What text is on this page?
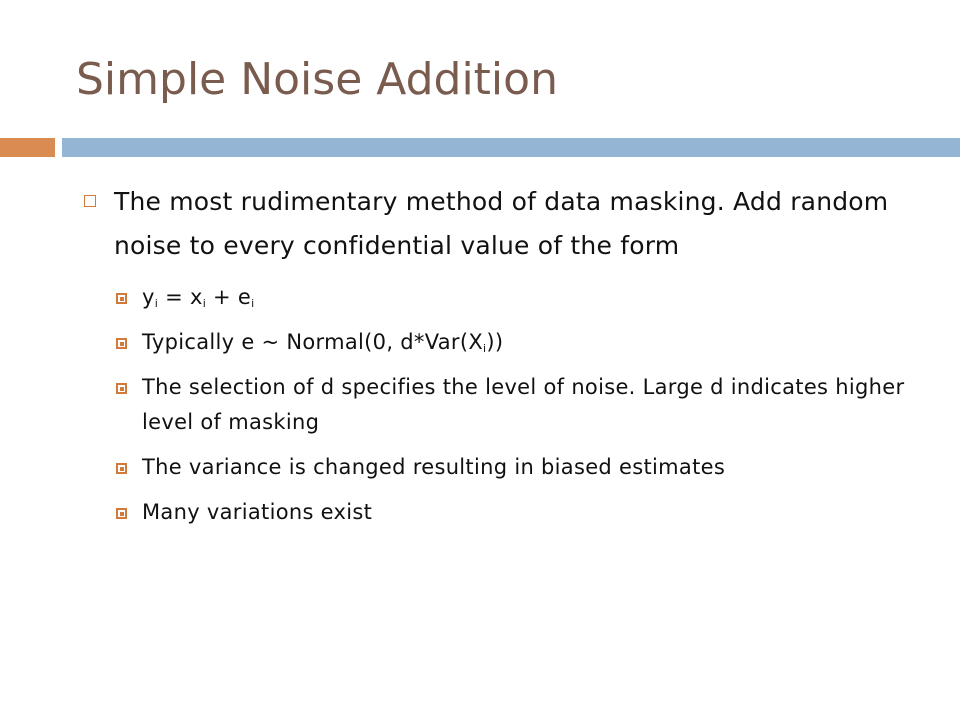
Simple Noise Addition
The most rudimentary method of data masking. Add random noise to every confidential value of the form
$y_i = x_i + e_i$
Typically e ~ Normal(0, $d*Var(X_i)$)
The selection of d specifies the level of noise. Large d indicates higher level of masking
The variance is changed resulting in biased estimates
Many variations exist
